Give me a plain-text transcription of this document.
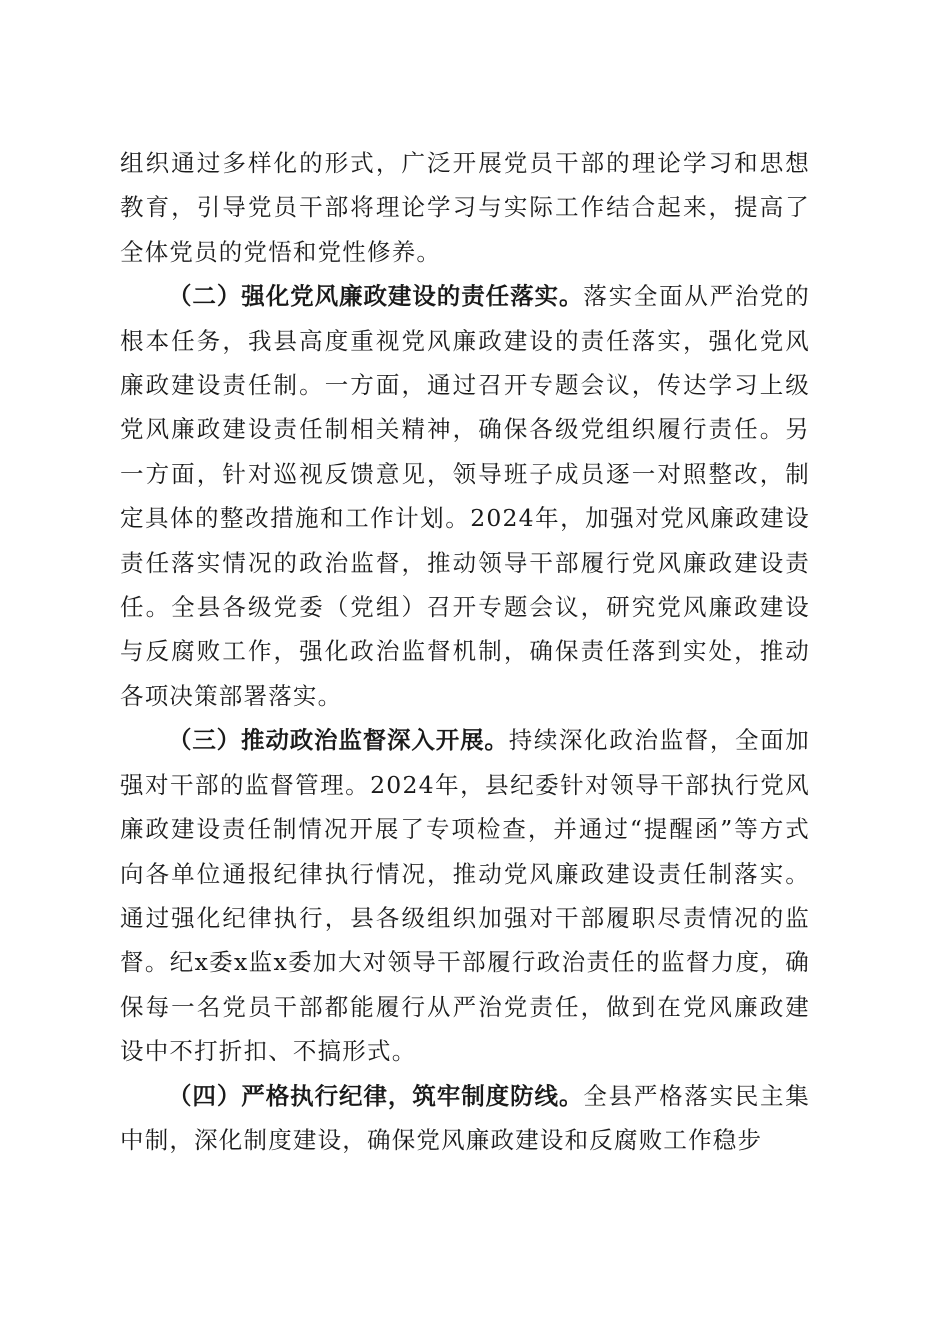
组织通过多样化的形式，广泛开展党员干部的理论学习和思想教育，引导党员干部将理论学习与实际工作结合起来，提高了全体党员的党悟和党性修养。

（二）强化党风廉政建设的责任落实。落实全面从严治党的根本任务，我县高度重视党风廉政建设的责任落实，强化党风廉政建设责任制。一方面，通过召开专题会议，传达学习上级党风廉政建设责任制相关精神，确保各级党组织履行责任。另一方面，针对巡视反馈意见，领导班子成员逐一对照整改，制定具体的整改措施和工作计划。2024年，加强对党风廉政建设责任落实情况的政治监督，推动领导干部履行党风廉政建设责任。全县各级党委（党组）召开专题会议，研究党风廉政建设与反腐败工作，强化政治监督机制，确保责任落到实处，推动各项决策部署落实。

（三）推动政治监督深入开展。持续深化政治监督，全面加强对干部的监督管理。2024年，县纪委针对领导干部执行党风廉政建设责任制情况开展了专项检查，并通过“提醒函”等方式向各单位通报纪律执行情况，推动党风廉政建设责任制落实。通过强化纪律执行，县各级组织加强对干部履职尽责情况的监督。纪x委x监x委加大对领导干部履行政治责任的监督力度，确保每一名党员干部都能履行从严治党责任，做到在党风廉政建设中不打折扣、不搞形式。

（四）严格执行纪律，筑牢制度防线。全县严格落实民主集中制，深化制度建设，确保党风廉政建设和反腐败工作稳步
